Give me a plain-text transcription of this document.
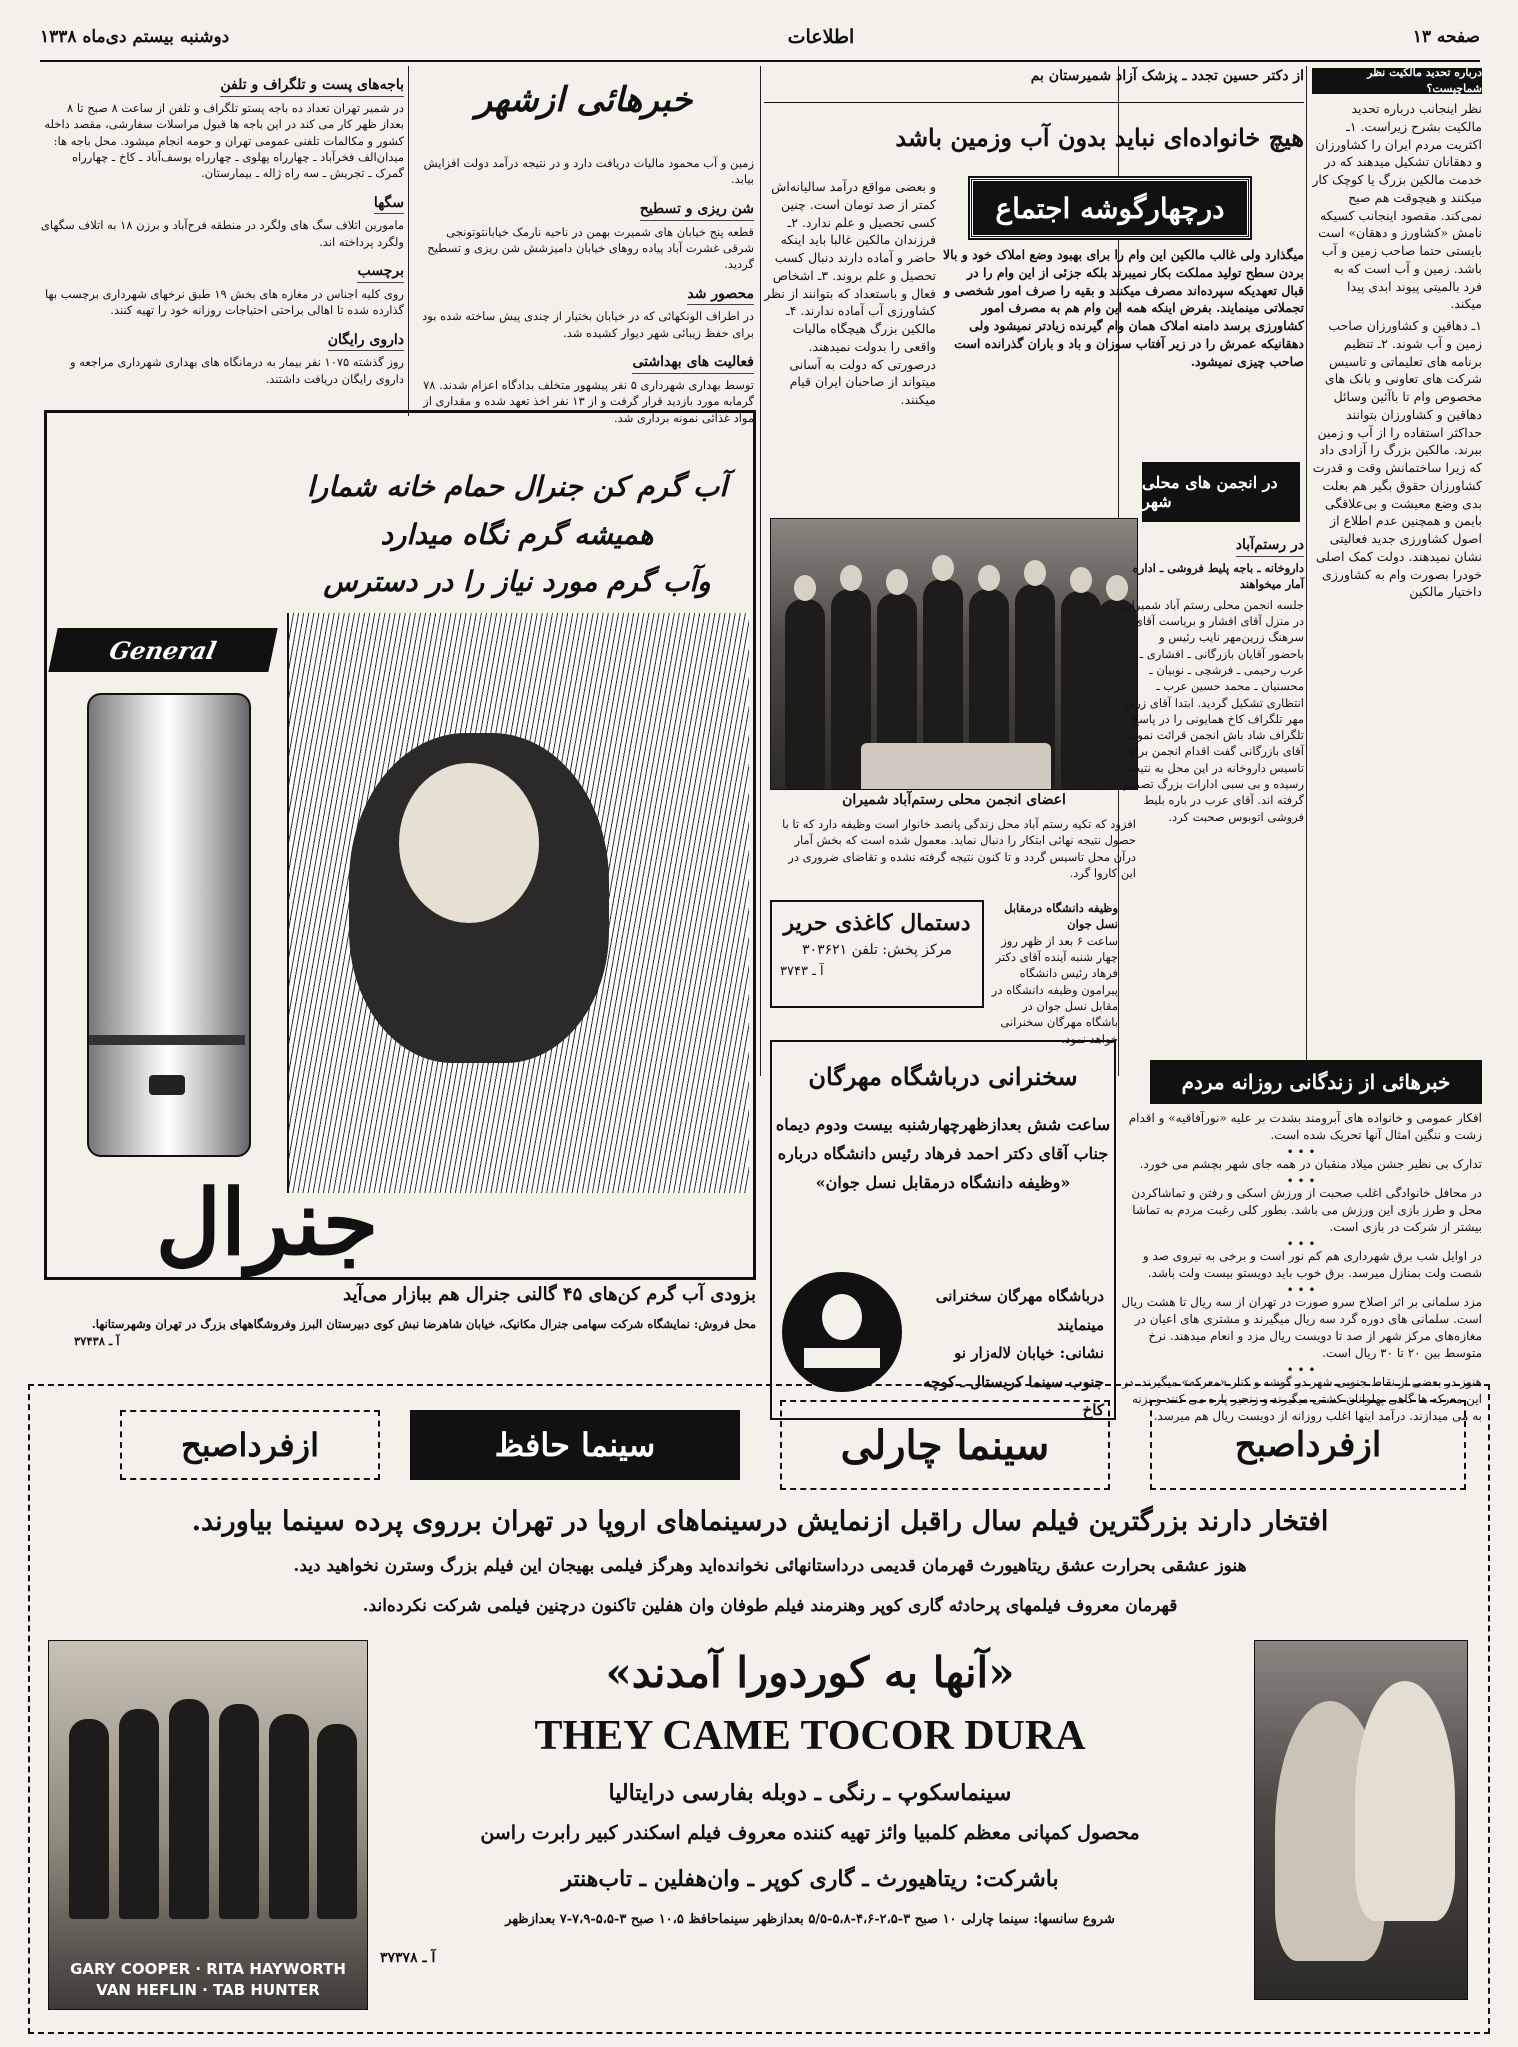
دوشنبه بیستم دی‌ماه ۱۳۳۸	اطلاعات	صفحه ۱۳
درباره تحدید مالکیت نظر شماچیست؟

نظر اینجانب درباره تحدید مالکیت بشرح زیراست. ۱ـ اکثریت مردم ایران را کشاورزان و دهقانان تشکیل میدهند که در خدمت مالکین بزرگ یا کوچک کار میکنند و هیچوقت هم صیح نمی‌کند. مقصود اینجانب کسیکه نامش «کشاورز و دهقان» است بایستی حتما صاحب زمین و آب باشد. زمین و آب است که به فرد بالمیتی پیوند ابدی پیدا میکند.

۱ـ دهاقین و کشاورزان صاحب زمین و آب شوند. ۲ـ تنظیم برنامه های تعلیماتی و تاسیس شرکت های تعاونی و بانک های مخصوص وام تا باآئین وسائل دهاقین و کشاورزان بتوانند حداکثر استفاده را از آب و زمین ببرند. مالکین بزرگ را آزادی داد که زیرا ساختمانش وقت و قدرت کشاورزان حقوق بگیر هم بعلت بدی وضع معیشت و بی‌علاقگی بایمن و همچنین عدم اطلاع از اصول کشاورزی جدید فعالیتی نشان نمیدهند. دولت کمک اصلی خودرا بصورت وام به کشاورزی داختیار مالکین

از دکتر حسین تجدد ـ پزشک آزاد شمیرستان بم
هیچ خانواده‌ای نباید بدون آب وزمین باشد
درچهارگوشه اجتماع

میگذارد ولی غالب مالکین این وام را برای بهبود وضع املاک خود و بالا بردن سطح تولید مملکت بکار نمیبرند بلکه جزئی از این وام را در قبال تعهدیکه سپرده‌اند مصرف میکنند و بقیه را صرف امور شخصی و تجملاتی مینمایند. بفرض اینکه همه این وام هم به مصرف امور کشاورزی برسد دامنه املاک همان وام گیرنده زیادتر نمیشود ولی دهقانیکه عمرش را در زیر آفتاب سوزان و باد و باران گذرانده است صاحب چیزی نمیشود.

و بعضی مواقع درآمد سالیانه‌اش کمتر از صد تومان است. چنین کسی تحصیل و علم ندارد. ۲ـ فرزندان مالکین غالبا باید اینکه حاضر و آماده دارند دنبال کسب تحصیل و علم بروند. ۳ـ اشخاص فعال و باستعداد که بتوانند از نظر کشاورزی آب آماده ندارند. ۴ـ مالکین بزرگ هیچگاه مالیات واقعی را بدولت نمیدهند. درصورتی که دولت به آسانی میتواند از صاحبان ایران قیام میکنند.

اعضای انجمن محلی رستم‌آباد شمیران
افزود که تکیه رستم آباد محل زندگی پانصد خانوار است وظیفه دارد که تا با حصول نتیجه نهائی ابتکار را دنبال نماید. معمول شده است که بخش آمار درآن محل تاسیس گردد و تا کنون نتیجه گرفته نشده و تقاضای ضروری در این کاروا گرد.
در انجمن های محلی شهر
در رستم‌آباد

داروخانه ـ باجه پلیط فروشی ـ اداره آمار میخواهند

جلسه انجمن محلی رستم آباد شمیران در منزل آقای افشار و بریاست آقای سرهنگ زرین‌مهر نایب رئیس و باحضور آقایان بازرگانی ـ افشاری ـ عرب رحیمی ـ فرشچی ـ نوبیان ـ محسنیان ـ محمد حسین عرب ـ انتظاری تشکیل گردید. ابتدا آقای زرین مهر تلگراف کاخ همایونی را در پاسخ تلگراف شاد باش انجمن قرائت نمود. آقای بازرگانی گفت اقدام انجمن برای تاسیس داروخانه در این محل به نتیجه رسیده و بی سبی ادارات بزرگ تصمیم گرفته اند. آقای عرب در باره بلیط فروشی اتوبوس صحبت کرد.

خبرهائی از زندگانی روزانه مردم

افکار عمومی و خانواده های آبرومند بشدت بر علیه «نورآفاقیه» و اقدام زشت و ننگین امثال آنها تحریک شده است.

• • •

تدارک بی نظیر جشن میلاد منقبان در همه جای شهر بچشم می خورد.

• • •

در محافل خانوادگی اغلب صحبت از ورزش اسکی و رفتن و تماشاکردن محل و طرز بازی این ورزش می باشد. بطور کلی رغبت مردم به تماشا بیشتر از شرکت در بازی است.

• • •

در اوایل شب برق شهرداری هم کم نور است و برخی به نیروی صد و شصت ولت بمنازل میرسد. برق خوب باید دویستو بیست ولت باشد.

• • •

مزد سلمانی بر اثر اصلاح سرو صورت در تهران از سه ریال تا هشت ریال است. سلمانی های دوره گرد سه ریال میگیرند و مشتری های اعیان در مغازه‌های مرکز شهر از صد تا دویست ریال مزد و انعام میدهند. نرخ متوسط بین ۲۰ تا ۳۰ ریال است.

• • •

هنوز در بعضی از نقاط جنوبی شهر در گوشه و کنار «معرکه» میگیرند. در این معرکه ها گاهی پهلوانان کشتی میگیرند و زنجیر پاره می کنند و بزنه به می میدازند. درآمد اینها اغلب روزانه از دویست ریال هم میرسد.

دستمال کاغذی حریر
مرکز پخش: تلفن ۳۰۳۶۲۱
آ ـ ۳۷۴۳
وظیفه دانشگاه درمقابل نسل جوان

ساعت ۶ بعد از ظهر روز چهار شنبه آینده آقای دکتر فرهاد رئیس دانشگاه پیرامون وظیفه دانشگاه در مقابل نسل جوان در باشگاه مهرگان سخنرانی خواهد نمود.

سخنرانی درباشگاه مهرگان
ساعت شش بعدازظهرچهارشنبه بیست ودوم دیماه
جناب آقای دکتر احمد فرهاد رئیس دانشگاه درباره
«وظیفه دانشگاه درمقابل نسل جوان»
درباشگاه مهرگان سخنرانی مینمایند
نشانی: خیابان لاله‌زار نو
جنوب سینما کریستال ـ کوچه کاخ
باجه‌های پست و تلگراف و تلفن

در شمیر تهران تعداد ده باجه پستو تلگراف و تلفن از ساعت ۸ صبح تا ۸ بعداز ظهر کار می کند در این باجه ها قبول مراسلات سفارشی، مقصد داخله کشور و مکالمات تلفنی عمومی تهران و حومه انجام میشود. محل باجه ها: میدان‌الف فخرآباد ـ چهارراه پهلوی ـ چهارراه یوسف‌آباد ـ کاخ ـ چهارراه گمرک ـ تجریش ـ سه راه ژاله ـ بیمارستان.

سگها

مامورین اتلاف سگ های ولگرد در منطقه فرح‌آباد و برزن ۱۸ به اتلاف سگهای ولگرد پرداخته اند.

برچسب

روی کلیه اجناس در مغازه های بخش ۱۹ طبق نرخهای شهرداری برچسب بها گذارده شده تا اهالی براحتی احتیاجات روزانه خود را تهیه کنند.

داروی رایگان

روز گذشته ۱۰۷۵ نفر بیمار به درمانگاه های بهداری شهرداری مراجعه و داروی رایگان دریافت داشتند.

خبرهائی ازشهر

زمین و آب محمود مالیات دریافت دارد و در نتیجه درآمد دولت افزایش بیابد.

شن ریزی و تسطیح

قطعه پنج خیابان های شمیرت بهمن در ناحیه نارمک خیابانتوتونجی شرقی غشرت آباد پیاده روهای خیابان دامیزشش شن ریزی و تسطیح گردید.

محصور شد

در اطراف الونکهائی که در خیابان بختیار از چندی پیش ساخته شده بود برای حفظ زیبائی شهر دیوار کشیده شد.

فعالیت های بهداشتی

توسط بهداری شهرداری ۵ نفر پیشهور متخلف بدادگاه اعزام شدند. ۷۸ گرمابه مورد بازدید قرار گرفت و از ۱۳ نفر اخذ تعهد شده و مقداری از مواد غذائی نمونه برداری شد.

آب گرم کن جنرال حمام خانه شمارا همیشه گرم نگاه میدارد
وآب گرم مورد نیاز را در دسترس
General
جنرال
بزودی آب گرم کن‌های ۴۵ گالنی جنرال هم ببازار می‌آید
محل فروش: نمایشگاه شرکت سهامی جنرال مکانیک، خیابان شاهرضا نبش کوی دبیرستان البرز وفروشگاههای بزرگ در تهران وشهرستانها.
آ ـ ۳۷۴۳۸
ازفرداصبح
سینما چارلی
سینما حافظ
ازفرداصبح
افتخار دارند بزرگترین فیلم سال راقبل ازنمایش درسینماهای اروپا در تهران برروی پرده سینما بیاورند.
هنوز عشقی بحرارت عشق ریتاهیورث قهرمان قدیمی درداستانهائی نخوانده‌اید وهرگز فیلمی بهیجان این فیلم بزرگ وسترن نخواهید دید.
قهرمان معروف فیلمهای پرحادثه گاری کوپر وهنرمند فیلم طوفان وان هفلین تاکنون درچنین فیلمی شرکت نکرده‌اند.
GARY COOPER · RITA HAYWORTH
VAN HEFLIN · TAB HUNTER
«آنها به کوردورا آمدند»
THEY CAME TOCOR DURA
سینماسکوپ ـ رنگی ـ دوبله بفارسی درایتالیا
محصول کمپانی معظم کلمبیا وائز تهیه کننده معروف فیلم اسکندر کبیر رابرت راسن
باشرکت: ریتاهیورث ـ گاری کوپر ـ وان‌هفلین ـ تاب‌هنتر
شروع سانسها: سینما چارلی ۱۰ صبح ۳-۲،۵-۴،۶-۵،۸-۵/۵ بعدازظهر سینماحافظ ۱۰،۵ صبح ۳-۵،۵-۷،۹-۷ بعدازظهر
آ ـ ۳۷۳۷۸
